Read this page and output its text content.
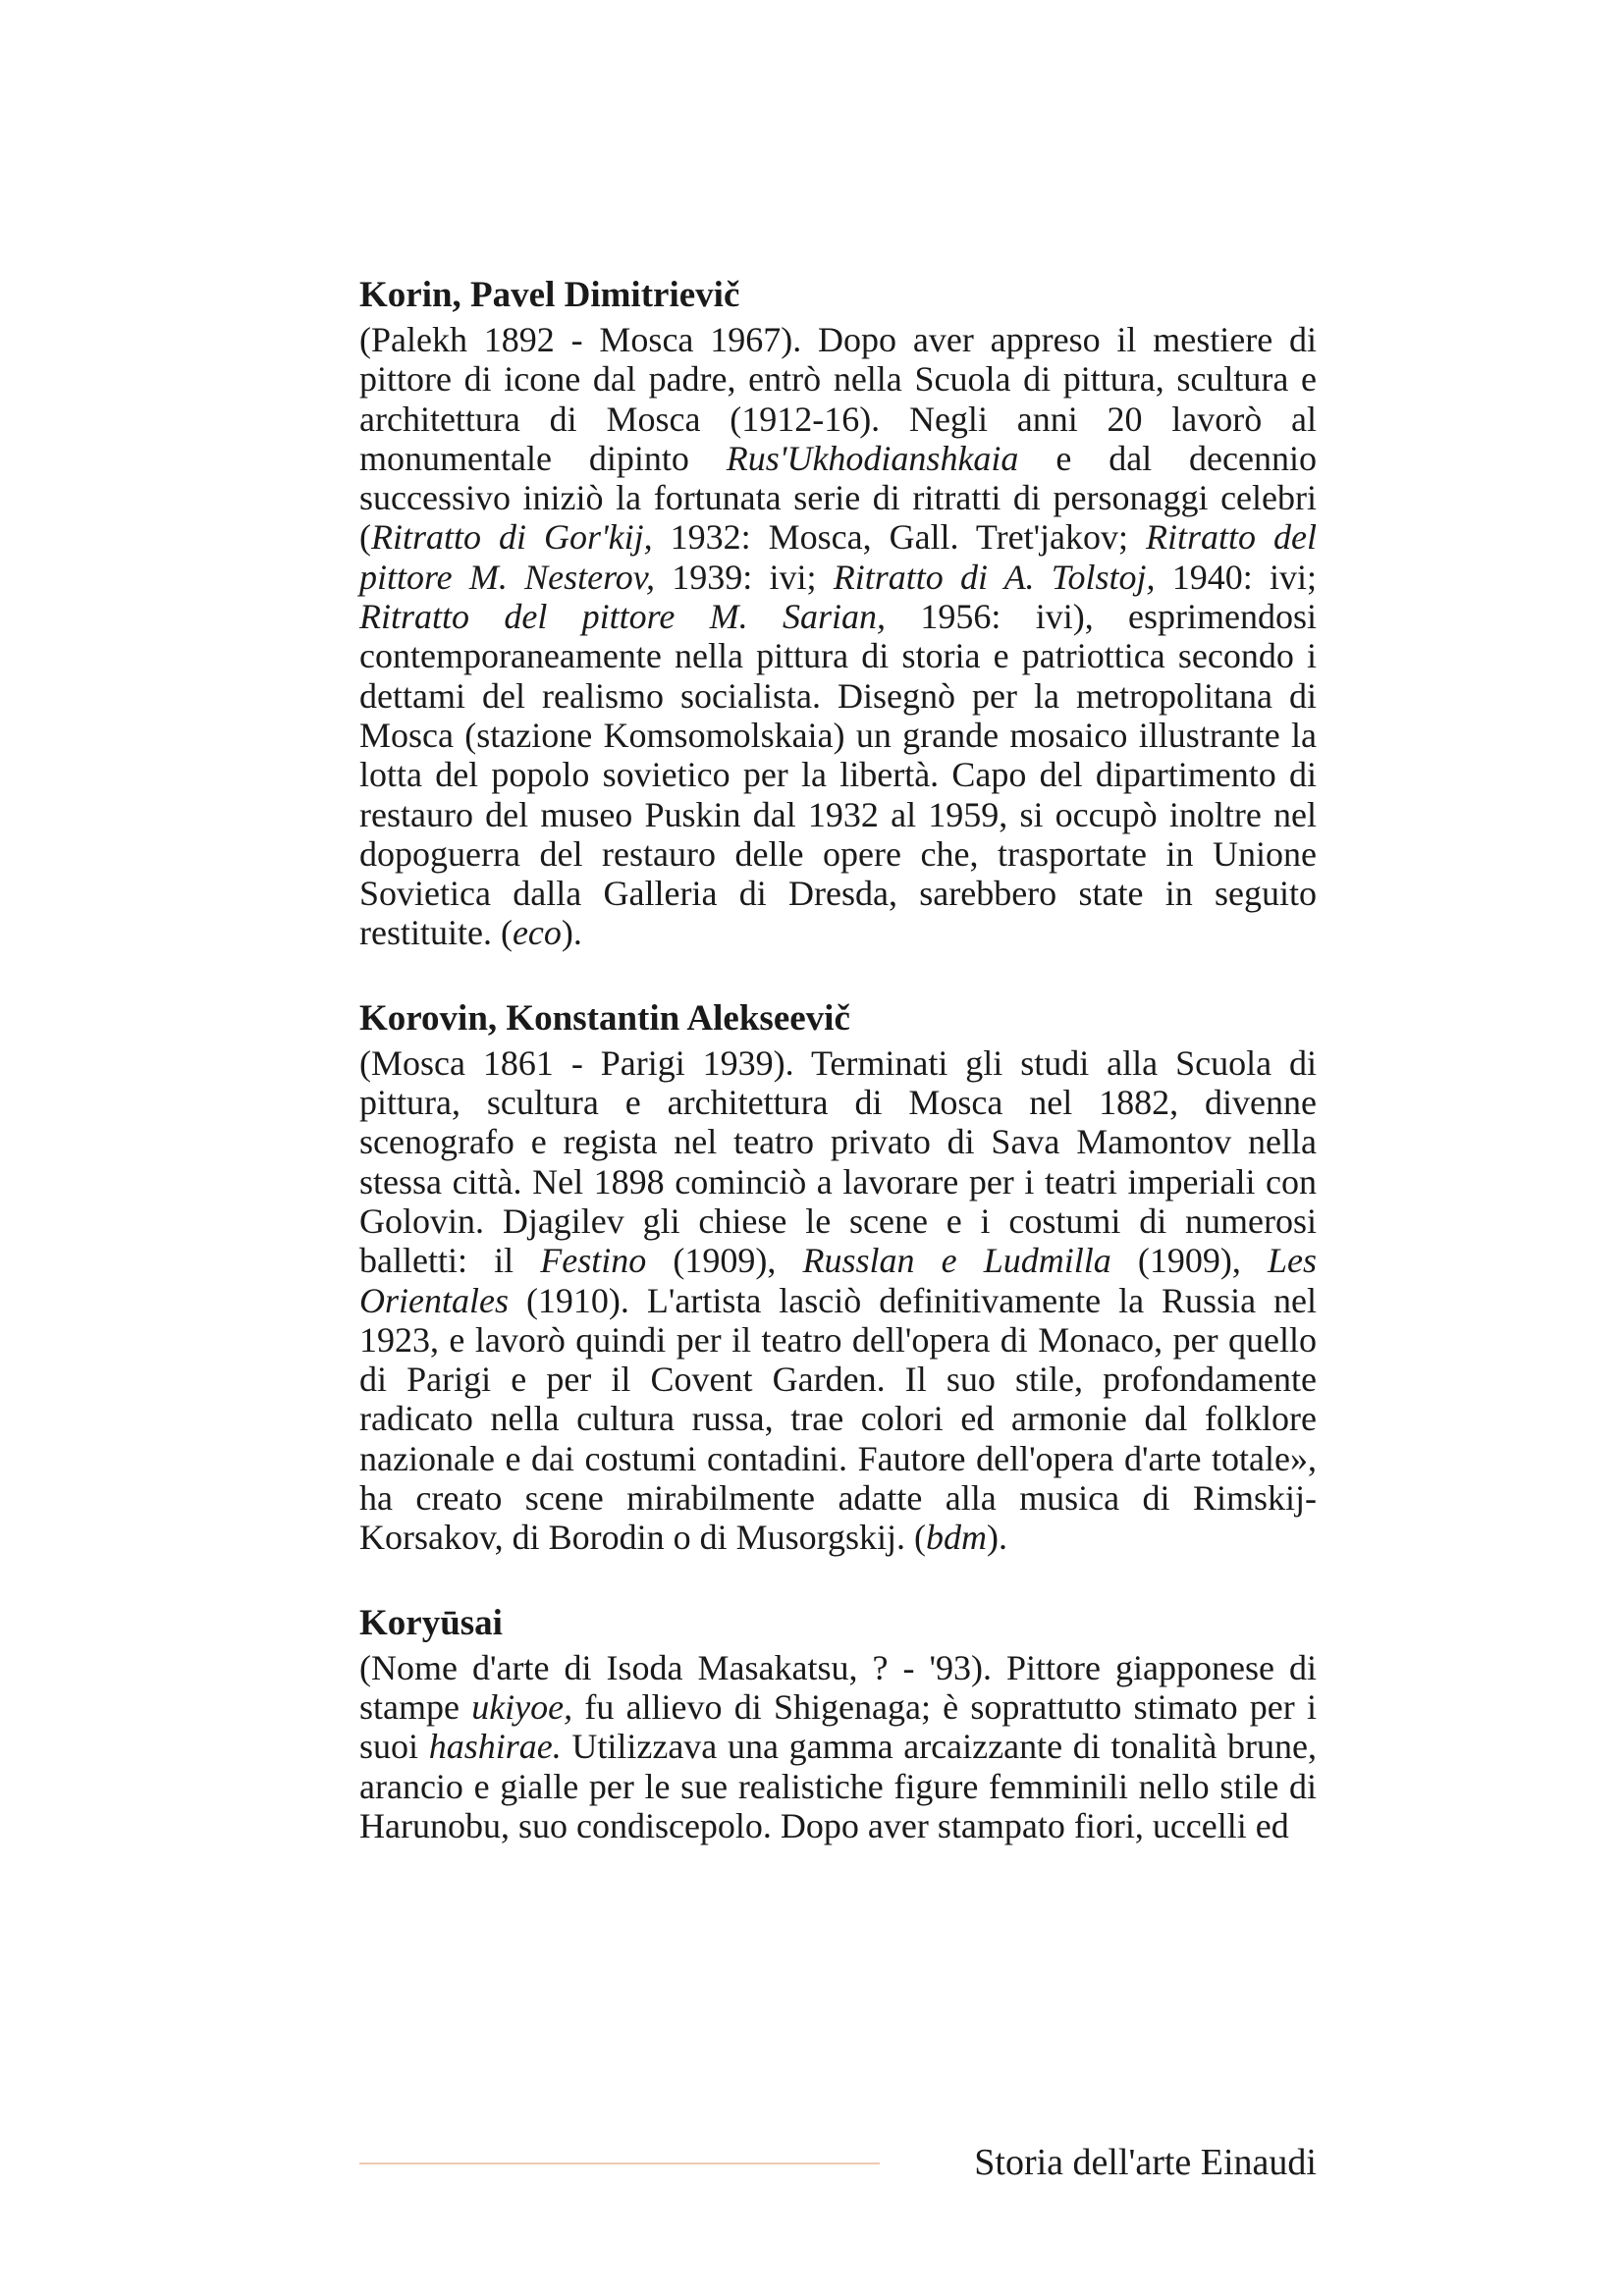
Korin, Pavel Dimitrievič

(Palekh 1892 - Mosca 1967). Dopo aver appreso il mestiere di pittore di icone dal padre, entrò nella Scuola di pittura, scultura e architettura di Mosca (1912-16). Negli anni 20 lavorò al monumentale dipinto Rus'Ukhodianshkaia e dal decennio successivo iniziò la fortunata serie di ritratti di personaggi celebri (Ritratto di Gor'kij, 1932: Mosca, Gall. Tret'jakov; Ritratto del pittore M. Nesterov, 1939: ivi; Ritratto di A. Tolstoj, 1940: ivi; Ritratto del pittore M. Sarian, 1956: ivi), esprimendosi contemporaneamente nella pittura di storia e patriottica secondo i dettami del realismo socialista. Disegnò per la metropolitana di Mosca (stazione Komsomolskaia) un grande mosaico illustrante la lotta del popolo sovietico per la libertà. Capo del dipartimento di restauro del museo Puskin dal 1932 al 1959, si occupò inoltre nel dopoguerra del restauro delle opere che, trasportate in Unione Sovietica dalla Galleria di Dresda, sarebbero state in seguito restituite. (eco).

Korovin, Konstantin Alekseevič

(Mosca 1861 - Parigi 1939). Terminati gli studi alla Scuola di pittura, scultura e architettura di Mosca nel 1882, divenne scenografo e regista nel teatro privato di Sava Mamontov nella stessa città. Nel 1898 cominciò a lavorare per i teatri imperiali con Golovin. Djagilev gli chiese le scene e i costumi di numerosi balletti: il Festino (1909), Russlan e Ludmilla (1909), Les Orientales (1910). L'artista lasciò definitivamente la Russia nel 1923, e lavorò quindi per il teatro dell'opera di Monaco, per quello di Parigi e per il Covent Garden. Il suo stile, profondamente radicato nella cultura russa, trae colori ed armonie dal folklore nazionale e dai costumi contadini. Fautore dell'opera d'arte totale», ha creato scene mirabilmente adatte alla musica di Rimskij-Korsakov, di Borodin o di Musorgskij. (bdm).

Koryūsai

(Nome d'arte di Isoda Masakatsu, ? - '93). Pittore giapponese di stampe ukiyoe, fu allievo di Shigenaga; è soprattutto stimato per i suoi hashirae. Utilizzava una gamma arcaizzante di tonalità brune, arancio e gialle per le sue realistiche figure femminili nello stile di Harunobu, suo condiscepolo. Dopo aver stampato fiori, uccelli ed

Storia dell'arte Einaudi
